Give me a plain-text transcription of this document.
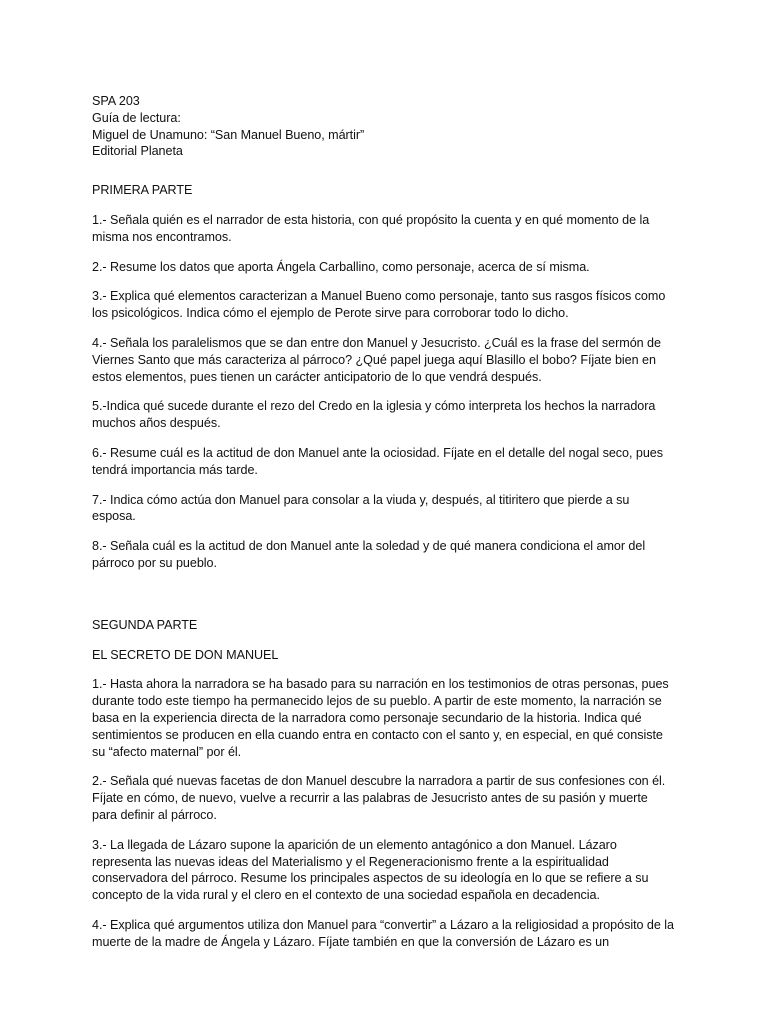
SPA 203

Guía de lectura:

Miguel de Unamuno: “San Manuel Bueno, mártir”

Editorial Planeta

PRIMERA PARTE

1.- Señala quién es el narrador de esta historia, con qué propósito la cuenta y en qué momento de la misma nos encontramos.

2.- Resume los datos que aporta Ángela Carballino, como personaje, acerca de sí misma.

3.- Explica qué elementos caracterizan a Manuel Bueno como personaje, tanto sus rasgos físicos como los psicológicos. Indica cómo el ejemplo de Perote sirve para corroborar todo lo dicho.

4.- Señala los paralelismos que se dan entre don Manuel y Jesucristo. ¿Cuál es la frase del sermón de Viernes Santo que más caracteriza al párroco? ¿Qué papel juega aquí Blasillo el bobo? Fíjate bien en estos elementos, pues tienen un carácter anticipatorio de lo que vendrá después.

5.-Indica qué sucede durante el rezo del Credo en la iglesia y cómo interpreta los hechos la narradora muchos años después.

6.- Resume cuál es la actitud de don Manuel ante la ociosidad. Fíjate en el detalle del nogal seco, pues tendrá importancia más tarde.

7.- Indica cómo actúa don Manuel para consolar a la viuda y, después, al titiritero que pierde a su esposa.

8.- Señala cuál es la actitud de don Manuel ante la soledad y de qué manera condiciona el amor del párroco por su pueblo.

SEGUNDA PARTE

EL SECRETO DE DON MANUEL

1.- Hasta ahora la narradora se ha basado para su narración en los testimonios de otras personas, pues durante todo este tiempo ha permanecido lejos de su pueblo. A partir de este momento, la narración se basa en la experiencia directa de la narradora como personaje secundario de la historia. Indica qué sentimientos se producen en ella cuando entra en contacto con el santo y, en especial, en qué consiste su “afecto maternal” por él.

2.- Señala qué nuevas facetas de don Manuel descubre la narradora a partir de sus confesiones con él. Fíjate en cómo, de nuevo, vuelve a recurrir a las palabras de Jesucristo antes de su pasión y muerte para definir al párroco.

3.- La llegada de Lázaro supone la aparición de un elemento antagónico a don Manuel. Lázaro representa las nuevas ideas del Materialismo y el Regeneracionismo frente a la espiritualidad conservadora del párroco. Resume los principales aspectos de su ideología en lo que se refiere a su concepto de la vida rural y el clero en el contexto de una sociedad española en decadencia.

4.- Explica qué argumentos utiliza don Manuel para “convertir” a Lázaro a la religiosidad a propósito de la muerte de la madre de Ángela y Lázaro. Fíjate también en que la conversión de Lázaro es un
